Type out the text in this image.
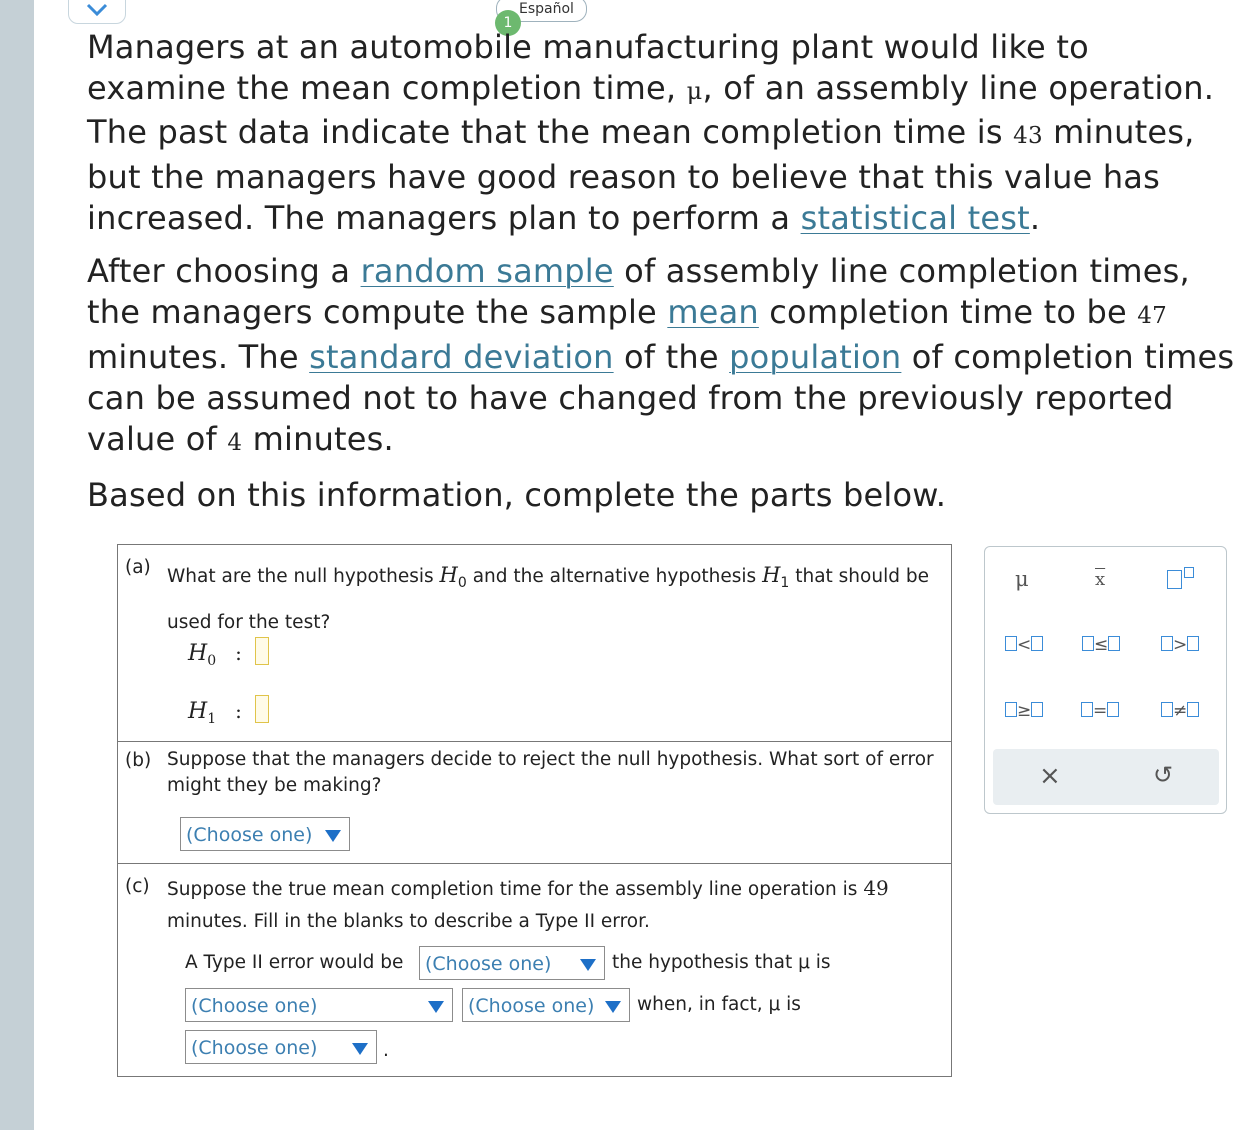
Español
1
Managers at an automobile manufacturing plant would like to examine the mean completion time, μ, of an assembly line operation. The past data indicate that the mean completion time is 43 minutes, but the managers have good reason to believe that this value has increased. The managers plan to perform a statistical test.
After choosing a random sample of assembly line completion times, the managers compute the sample mean completion time to be 47 minutes. The standard deviation of the population of completion times can be assumed not to have changed from the previously reported value of 4 minutes.
Based on this information, complete the parts below.
(a) What are the null hypothesis $H_0$ and the alternative hypothesis $H_1$ that should be used for the test?
$H_0$ :
$H_1$ :
(b) Suppose that the managers decide to reject the null hypothesis. What sort of error might they be making?
(Choose one)
(c) Suppose the true mean completion time for the assembly line operation is 49 minutes. Fill in the blanks to describe a Type II error.
A Type II error would be	(Choose one)	the hypothesis that μ is
(Choose one)	(Choose one)	when, in fact, μ is
(Choose one)	.
μ	$\overline{x}$
<	≤	>
≥	=	≠
×	↺
